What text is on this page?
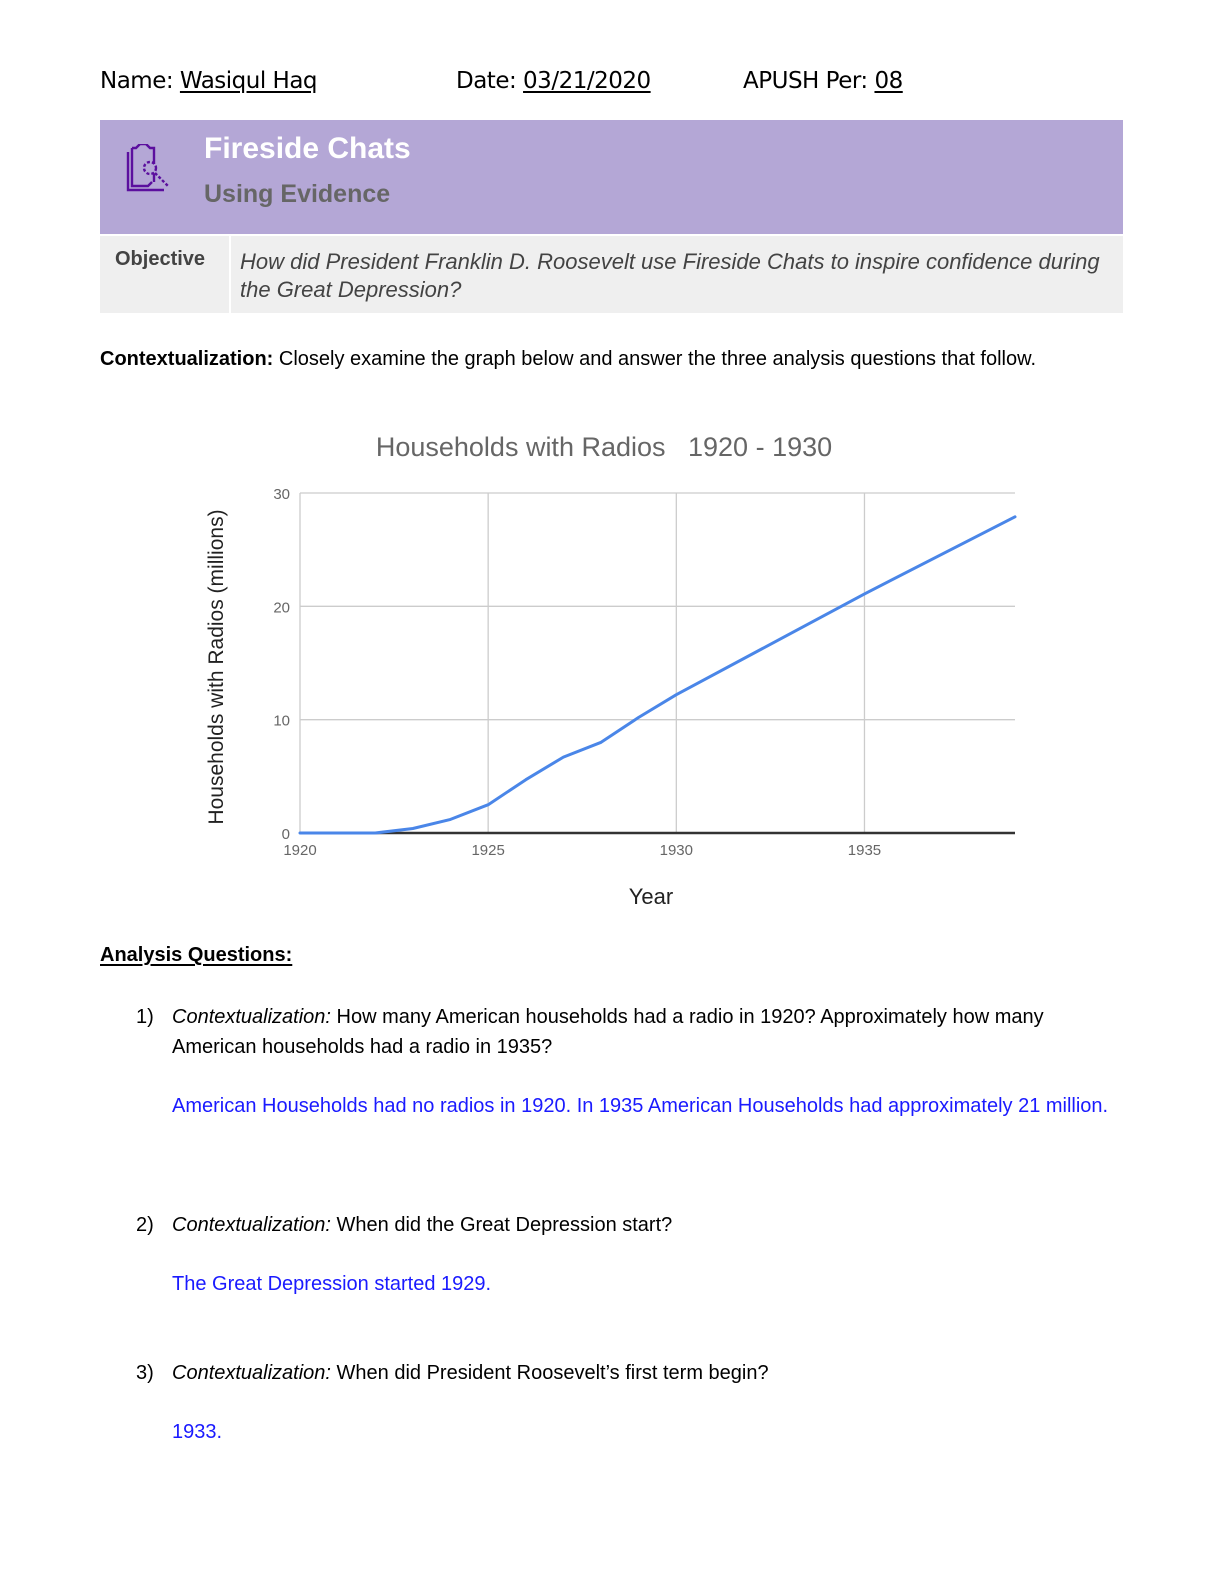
Name: Wasiqul Haq	Date: 03/21/2020	APUSH Per: 08
Fireside Chats
Using Evidence
Objective How did President Franklin D. Roosevelt use Fireside Chats to inspire confidence during the Great Depression?
Contextualization: Closely examine the graph below and answer the three analysis questions that follow.
Households with Radios   1920 - 1930
0
10
20
30
1920	1925	1930	1935
Year
Households with Radios (millions)
Analysis Questions:
1) Contextualization: How many American households had a radio in 1920? Approximately how many American households had a radio in 1935?
American Households had no radios in 1920. In 1935 American Households had approximately 21 million.
2) Contextualization: When did the Great Depression start?
The Great Depression started 1929.
3) Contextualization: When did President Roosevelt’s first term begin?
1933.
